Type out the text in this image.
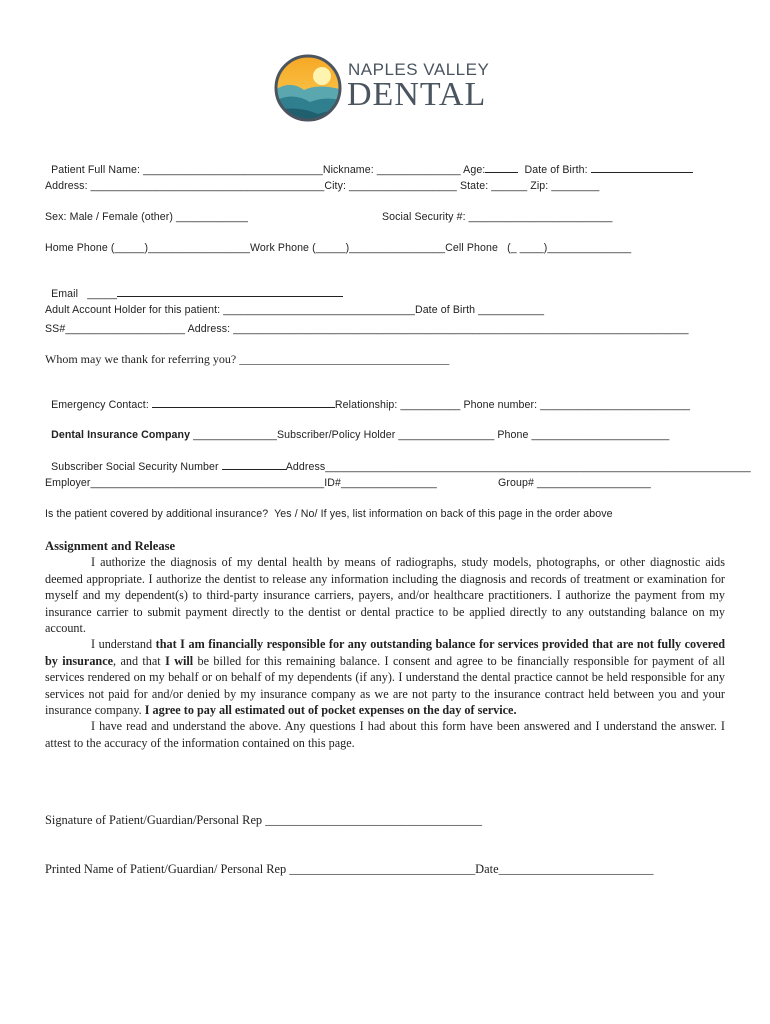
NAPLES VALLEY
DENTAL

Patient Full Name: ______________________________Nickname: ______________ Age:	Date of Birth:

Address: _______________________________________City: __________________ State: ______ Zip: ________
Sex: Male / Female (other) ____________	Social Security #: ________________________
Home Phone (_____)_________________Work Phone (_____)________________Cell Phone   (_ ____)______________

Email   _____

Adult Account Holder for this patient: ________________________________Date of Birth ___________
SS#____________________ Address: ____________________________________________________________________________
Whom may we thank for referring you? ___________________________________

Emergency Contact:	Relationship: __________ Phone number: _________________________

Dental Insurance Company ______________Subscriber/Policy Holder ________________ Phone _______________________

Subscriber Social Security Number	Address_______________________________________________________________________

Employer_______________________________________ID#________________	Group# ___________________
Is the patient covered by additional insurance?  Yes / No/ If yes, list information on back of this page in the order above

Assignment and Release

I authorize the diagnosis of my dental health by means of radiographs, study models, photographs, or other diagnostic aids deemed appropriate. I authorize the dentist to release any information including the diagnosis and records of treatment or examination for myself and my dependent(s) to third-party insurance carriers, payers, and/or healthcare practitioners. I authorize the payment from my insurance carrier to submit payment directly to the dentist or dental practice to be applied directly to any outstanding balance on my account.

I understand that I am financially responsible for any outstanding balance for services provided that are not fully covered by insurance, and that I will be billed for this remaining balance. I consent and agree to be financially responsible for payment of all services rendered on my behalf or on behalf of my dependents (if any). I understand the dental practice cannot be held responsible for any services not paid for and/or denied by my insurance company as we are not party to the insurance contract held between you and your insurance company. I agree to pay all estimated out of pocket expenses on the day of service.

I have read and understand the above. Any questions I had about this form have been answered and I understand the answer. I attest to the accuracy of the information contained on this page.

Signature of Patient/Guardian/Personal Rep ___________________________________
Printed Name of Patient/Guardian/ Personal Rep ______________________________Date_________________________
